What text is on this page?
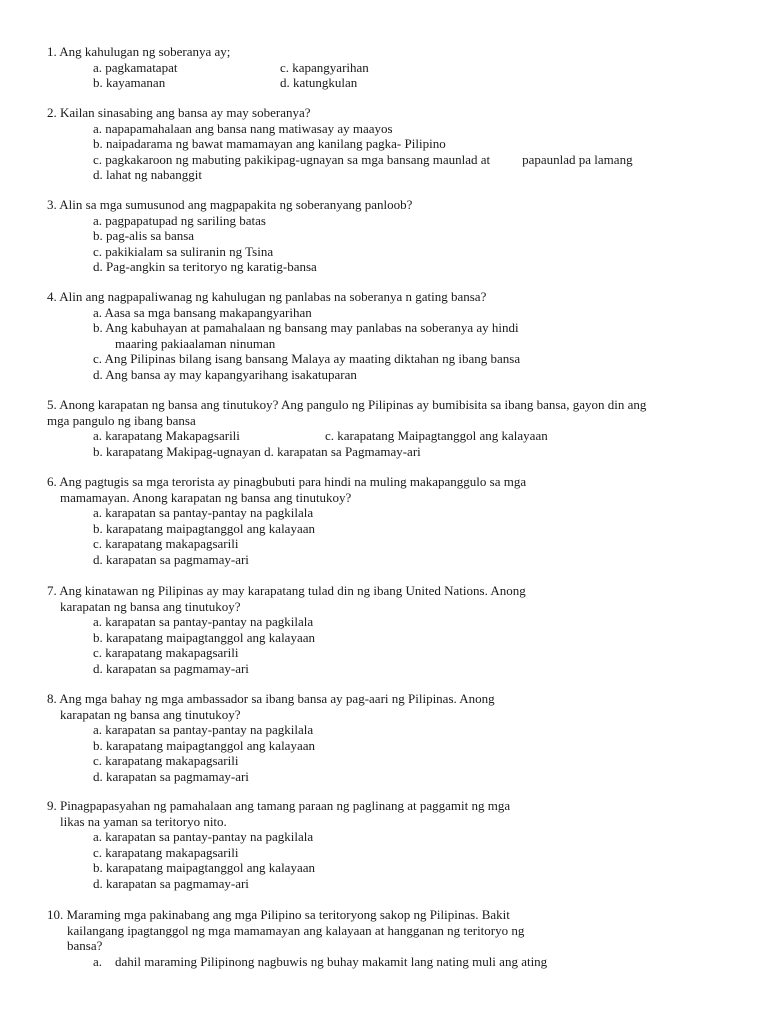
1. Ang kahulugan ng soberanya ay;
a. pagkamatapat	c. kapangyarihan
b. kayamanan	d. katungkulan
2. Kailan sinasabing ang bansa ay may soberanya?
a. napapamahalaan ang bansa nang matiwasay ay maayos
b. naipadarama ng bawat mamamayan ang kanilang pagka- Pilipino
c. pagkakaroon ng mabuting pakikipag-ugnayan sa mga bansang maunlad at papaunlad pa lamang
d. lahat ng nabanggit
3. Alin sa mga sumusunod ang magpapakita ng soberanyang panloob?
a. pagpapatupad ng sariling batas
b. pag-alis sa bansa
c. pakikialam sa suliranin ng Tsina
d. Pag-angkin sa teritoryo ng karatig-bansa
4. Alin ang nagpapaliwanag ng kahulugan ng panlabas na soberanya n gating bansa?
a. Aasa sa mga bansang makapangyarihan
b. Ang kabuhayan at pamahalaan ng bansang may panlabas na soberanya ay hindi
maaring pakiaalaman ninuman
c. Ang Pilipinas bilang isang bansang Malaya ay maating diktahan ng ibang bansa
d. Ang bansa ay may kapangyarihang isakatuparan
5. Anong karapatan ng bansa ang tinutukoy? Ang pangulo ng Pilipinas ay bumibisita sa ibang bansa, gayon din ang
mga pangulo ng ibang bansa
a. karapatang Makapagsarili	c. karapatang Maipagtanggol ang kalayaan
b. karapatang Makipag-ugnayan d. karapatan sa Pagmamay-ari
6. Ang pagtugis sa mga terorista ay pinagbubuti para hindi na muling makapanggulo sa mga
mamamayan. Anong karapatan ng bansa ang tinutukoy?
a. karapatan sa pantay-pantay na pagkilala
b. karapatang maipagtanggol ang kalayaan
c. karapatang makapagsarili
d. karapatan sa pagmamay-ari
7. Ang kinatawan ng Pilipinas ay may karapatang tulad din ng ibang United Nations. Anong
karapatan ng bansa ang tinutukoy?
a. karapatan sa pantay-pantay na pagkilala
b. karapatang maipagtanggol ang kalayaan
c. karapatang makapagsarili
d. karapatan sa pagmamay-ari
8. Ang mga bahay ng mga ambassador sa ibang bansa ay pag-aari ng Pilipinas. Anong
karapatan ng bansa ang tinutukoy?
a. karapatan sa pantay-pantay na pagkilala
b. karapatang maipagtanggol ang kalayaan
c. karapatang makapagsarili
d. karapatan sa pagmamay-ari
9. Pinagpapasyahan ng pamahalaan ang tamang paraan ng paglinang at paggamit ng mga
likas na yaman sa teritoryo nito.
a. karapatan sa pantay-pantay na pagkilala
c. karapatang makapagsarili
b. karapatang maipagtanggol ang kalayaan
d. karapatan sa pagmamay-ari
10. Maraming mga pakinabang ang mga Pilipino sa teritoryong sakop ng Pilipinas. Bakit
kailangang ipagtanggol ng mga mamamayan ang kalayaan at hangganan ng teritoryo ng
bansa?
a. dahil maraming Pilipinong nagbuwis ng buhay makamit lang nating muli ang ating
